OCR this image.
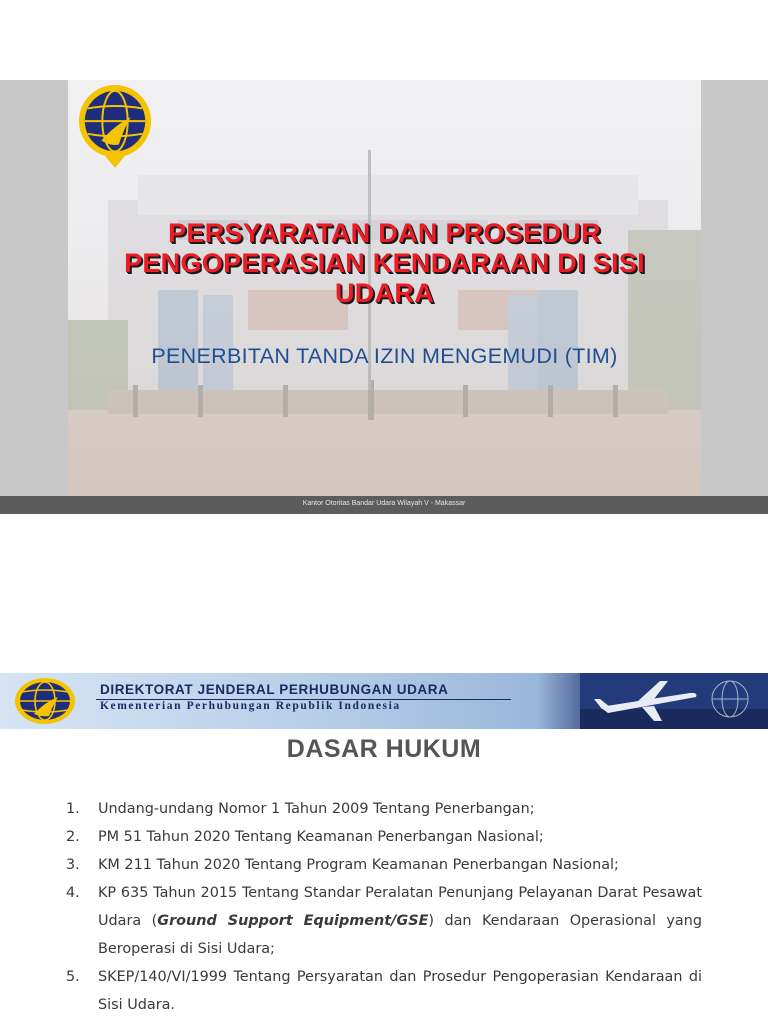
PERSYARATAN DAN PROSEDUR
PENGOPERASIAN KENDARAAN DI SISI
UDARA
PENERBITAN TANDA IZIN MENGEMUDI (TIM)
Kantor Otoritas Bandar Udara Wilayah V - Makassar
DIREKTORAT JENDERAL PERHUBUNGAN UDARA
Kementerian Perhubungan Republik Indonesia
DASAR HUKUM
1. Undang-undang Nomor 1 Tahun 2009 Tentang Penerbangan;
2. PM 51 Tahun 2020 Tentang Keamanan Penerbangan Nasional;
3. KM 211 Tahun 2020 Tentang Program Keamanan Penerbangan Nasional;
4. KP 635 Tahun 2015 Tentang Standar Peralatan Penunjang Pelayanan Darat Pesawat Udara (Ground Support Equipment/GSE) dan Kendaraan Operasional yang Beroperasi di Sisi Udara;
5. SKEP/140/VI/1999 Tentang Persyaratan dan Prosedur Pengoperasian Kendaraan di Sisi Udara.
